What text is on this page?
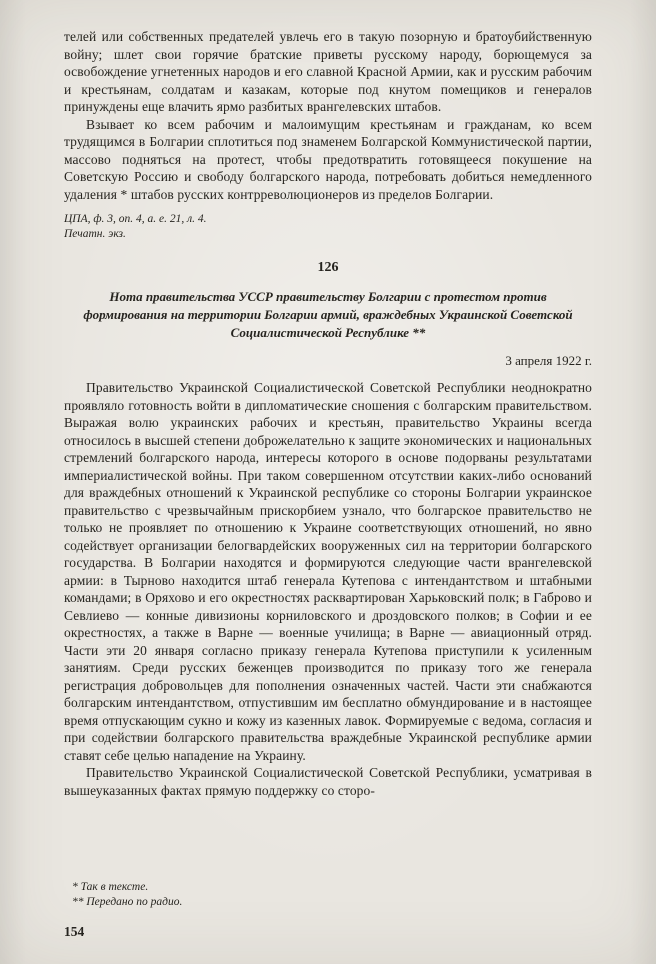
телей или собственных предателей увлечь его в такую позорную и братоубийственную войну; шлет свои горячие братские приветы русскому народу, борющемуся за освобождение угнетенных народов и его славной Красной Армии, как и русским рабочим и крестьянам, солдатам и казакам, которые под кнутом помещиков и генералов принуждены еще влачить ярмо разбитых врангелевских штабов.

Взывает ко всем рабочим и малоимущим крестьянам и гражданам, ко всем трудящимся в Болгарии сплотиться под знаменем Болгарской Коммунистической партии, массово подняться на протест, чтобы предотвратить готовящееся покушение на Советскую Россию и свободу болгарского народа, потребовать добиться немедленного удаления * штабов русских контрреволюционеров из пределов Болгарии.

ЦПА, ф. 3, оп. 4, а. е. 21, л. 4.
Печатн. экз.
126
Нота правительства УССР правительству Болгарии с протестом против формирования на территории Болгарии армий, враждебных Украинской Советской Социалистической Республике **
3 апреля 1922 г.

Правительство Украинской Социалистической Советской Республики неоднократно проявляло готовность войти в дипломатические сношения с болгарским правительством. Выражая волю украинских рабочих и крестьян, правительство Украины всегда относилось в высшей степени доброжелательно к защите экономических и национальных стремлений болгарского народа, интересы которого в основе подорваны результатами империалистической войны. При таком совершенном отсутствии каких-либо оснований для враждебных отношений к Украинской республике со стороны Болгарии украинское правительство с чрезвычайным прискорбием узнало, что болгарское правительство не только не проявляет по отношению к Украине соответствующих отношений, но явно содействует организации белогвардейских вооруженных сил на территории болгарского государства. В Болгарии находятся и формируются следующие части врангелевской армии: в Тырново находится штаб генерала Кутепова с интендантством и штабными командами; в Оряхово и его окрестностях расквартирован Харьковский полк; в Габрово и Севлиево — конные дивизионы корниловского и дроздовского полков; в Софии и ее окрестностях, а также в Варне — военные училища; в Варне — авиационный отряд. Части эти 20 января согласно приказу генерала Кутепова приступили к усиленным занятиям. Среди русских беженцев производится по приказу того же генерала регистрация добровольцев для пополнения означенных частей. Части эти снабжаются болгарским интендантством, отпустившим им бесплатно обмундирование и в настоящее время отпускающим сукно и кожу из казенных лавок. Формируемые с ведома, согласия и при содействии болгарского правительства враждебные Украинской республике армии ставят себе целью нападение на Украину.

Правительство Украинской Социалистической Советской Республики, усматривая в вышеуказанных фактах прямую поддержку со сторо-

* Так в тексте.
** Передано по радио.
154
